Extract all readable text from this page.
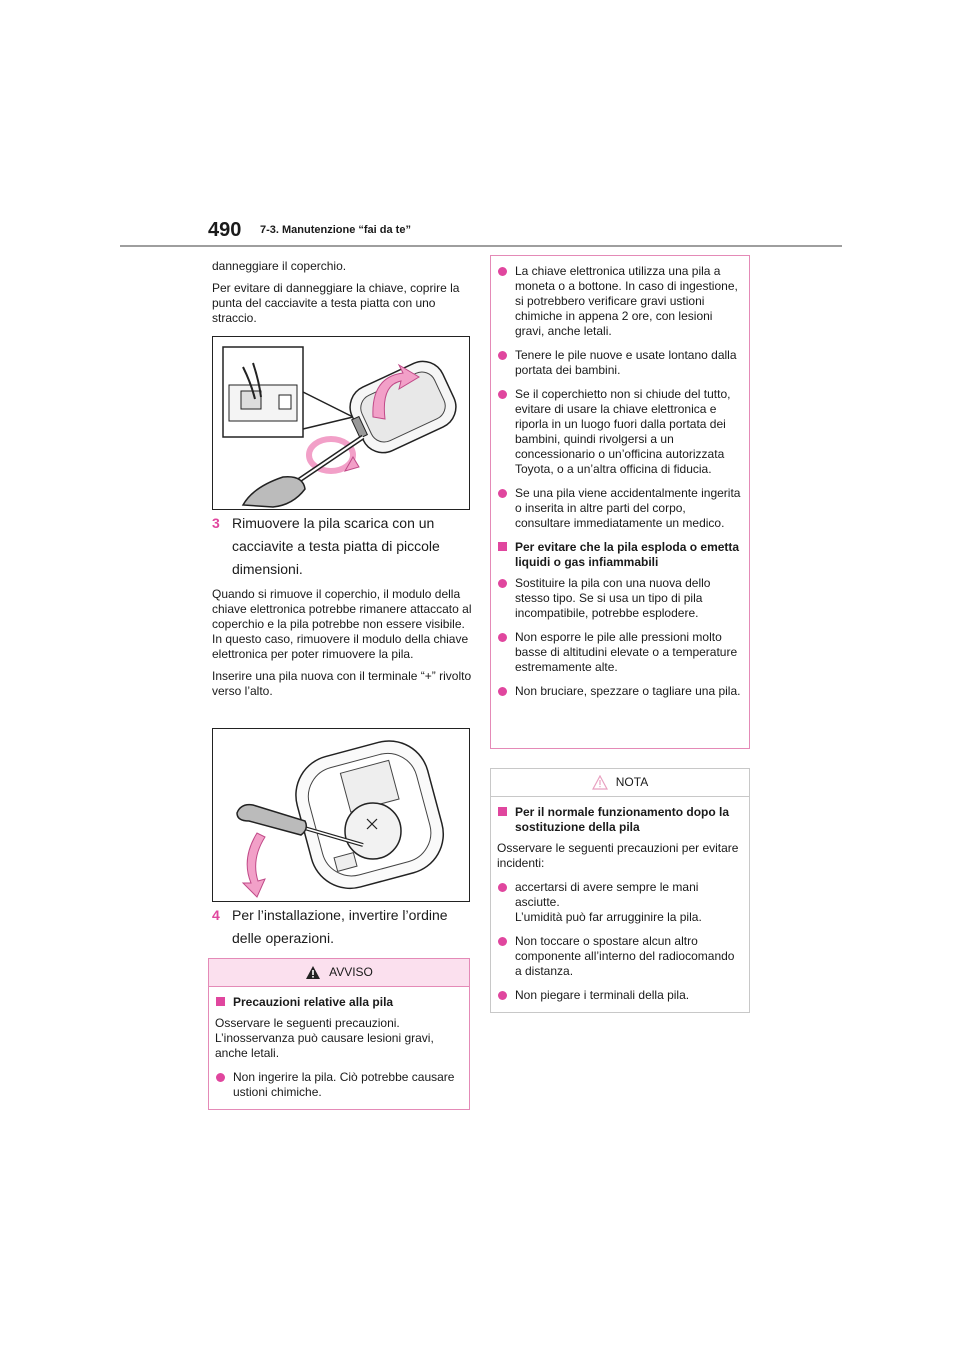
490 7-3. Manutenzione “fai da te”

danneggiare il coperchio.

Per evitare di danneggiare la chiave, coprire la punta del cacciavite a testa piatta con uno straccio.

3 Rimuovere la pila scarica con un cacciavite a testa piatta di piccole dimensioni.

Quando si rimuove il coperchio, il modulo della chiave elettronica potrebbe rimanere attaccato al coperchio e la pila potrebbe non essere visibile. In questo caso, rimuovere il modulo della chiave elettronica per poter rimuovere la pila.

Inserire una pila nuova con il terminale “+” rivolto verso l’alto.

4 Per l’installazione, invertire l’ordine delle operazioni.
AVVISO
Precauzioni relative alla pila
Osservare le seguenti precauzioni. L’inosservanza può causare lesioni gravi, anche letali.
Non ingerire la pila. Ciò potrebbe causare ustioni chimiche.
La chiave elettronica utilizza una pila a moneta o a bottone. In caso di ingestione, si potrebbero verificare gravi ustioni chimiche in appena 2 ore, con lesioni gravi, anche letali.
Tenere le pile nuove e usate lontano dalla portata dei bambini.
Se il coperchietto non si chiude del tutto, evitare di usare la chiave elettronica e riporla in un luogo fuori dalla portata dei bambini, quindi rivolgersi a un concessionario o un’officina autorizzata Toyota, o a un’altra officina di fiducia.
Se una pila viene accidentalmente ingerita o inserita in altre parti del corpo, consultare immediatamente un medico.
Per evitare che la pila esploda o emetta liquidi o gas infiammabili
Sostituire la pila con una nuova dello stesso tipo. Se si usa un tipo di pila incompatibile, potrebbe esplodere.
Non esporre le pile alle pressioni molto basse di altitudini elevate o a temperature estremamente alte.
Non bruciare, spezzare o tagliare una pila.
NOTA
Per il normale funzionamento dopo la sostituzione della pila
Osservare le seguenti precauzioni per evitare incidenti:
accertarsi di avere sempre le mani asciutte.
L’umidità può far arrugginire la pila.
Non toccare o spostare alcun altro componente all’interno del radiocomando a distanza.
Non piegare i terminali della pila.
